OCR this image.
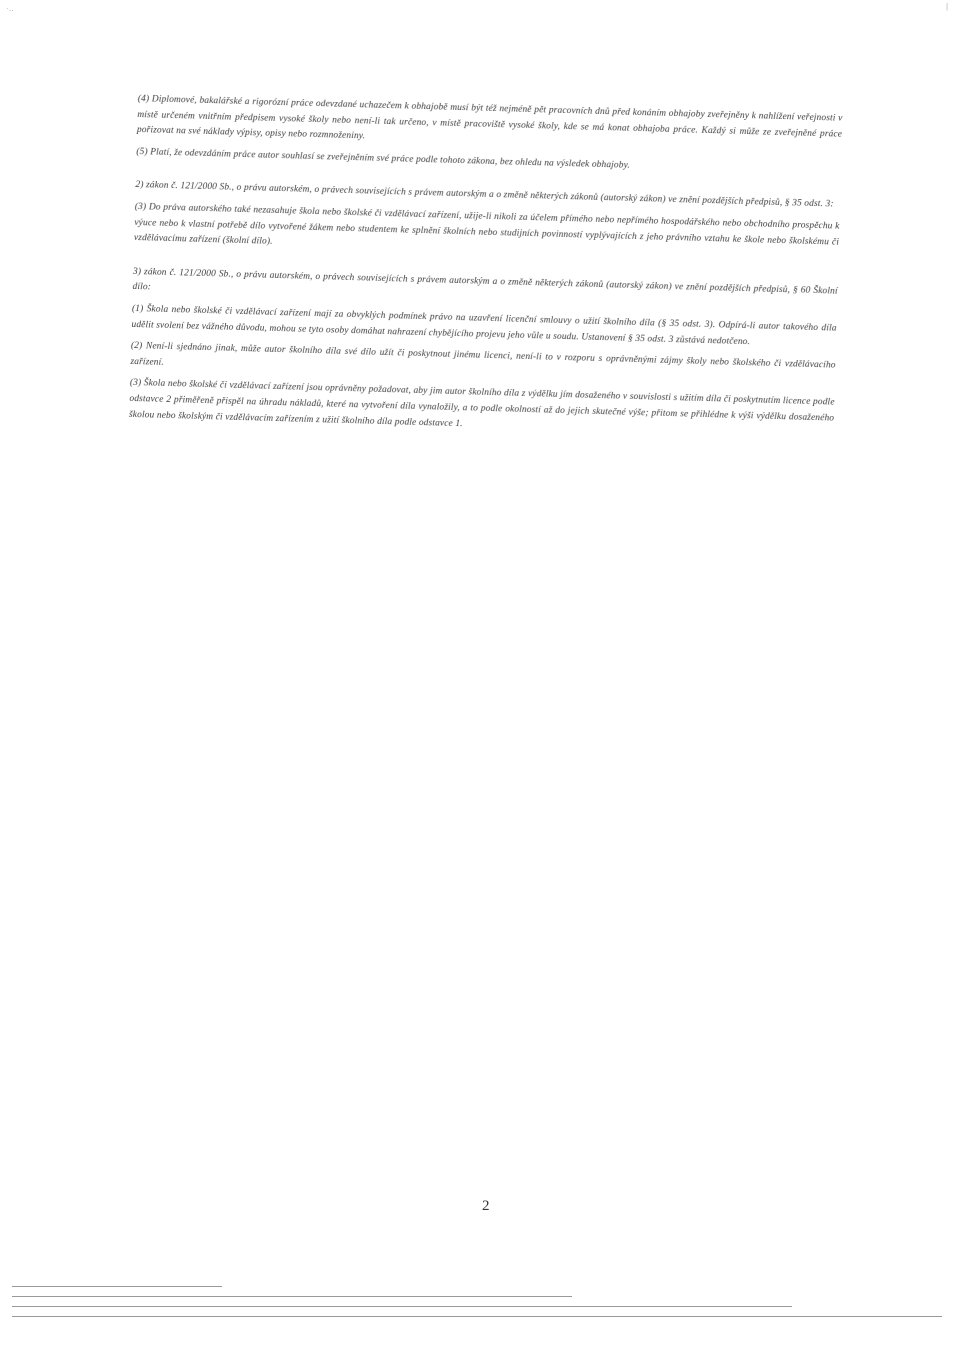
·‥	|

(4) Diplomové, bakalářské a rigorózní práce odevzdané uchazečem k obhajobě musí být též nejméně pět pracovních dnů před konáním obhajoby zveřejněny k nahlížení veřejnosti v místě určeném vnitřním předpisem vysoké školy nebo není-li tak určeno, v místě pracoviště vysoké školy, kde se má konat obhajoba práce. Každý si může ze zveřejněné práce pořizovat na své náklady výpisy, opisy nebo rozmnoženiny.

(5) Platí, že odevzdáním práce autor souhlasí se zveřejněním své práce podle tohoto zákona, bez ohledu na výsledek obhajoby.

2) zákon č. 121/2000 Sb., o právu autorském, o právech souvisejících s právem autorským a o změně některých zákonů (autorský zákon) ve znění pozdějších předpisů, § 35 odst. 3:

(3) Do práva autorského také nezasahuje škola nebo školské či vzdělávací zařízení, užije-li nikoli za účelem přímého nebo nepřímého hospodářského nebo obchodního prospěchu k výuce nebo k vlastní potřebě dílo vytvořené žákem nebo studentem ke splnění školních nebo studijních povinností vyplývajících z jeho právního vztahu ke škole nebo školskému či vzdělávacímu zařízení (školní dílo).

3) zákon č. 121/2000 Sb., o právu autorském, o právech souvisejících s právem autorským a o změně některých zákonů (autorský zákon) ve znění pozdějších předpisů, § 60 Školní dílo:

(1) Škola nebo školské či vzdělávací zařízení mají za obvyklých podmínek právo na uzavření licenční smlouvy o užití školního díla (§ 35 odst. 3). Odpírá-li autor takového díla udělit svolení bez vážného důvodu, mohou se tyto osoby domáhat nahrazení chybějícího projevu jeho vůle u soudu. Ustanovení § 35 odst. 3 zůstává nedotčeno.

(2) Není-li sjednáno jinak, může autor školního díla své dílo užít či poskytnout jinému licenci, není-li to v rozporu s oprávněnými zájmy školy nebo školského či vzdělávacího zařízení.

(3) Škola nebo školské či vzdělávací zařízení jsou oprávněny požadovat, aby jim autor školního díla z výdělku jím dosaženého v souvislosti s užitím díla či poskytnutím licence podle odstavce 2 přiměřeně přispěl na úhradu nákladů, které na vytvoření díla vynaložily, a to podle okolností až do jejich skutečné výše; přitom se přihlédne k výši výdělku dosaženého školou nebo školským či vzdělávacím zařízením z užití školního díla podle odstavce 1.

2
